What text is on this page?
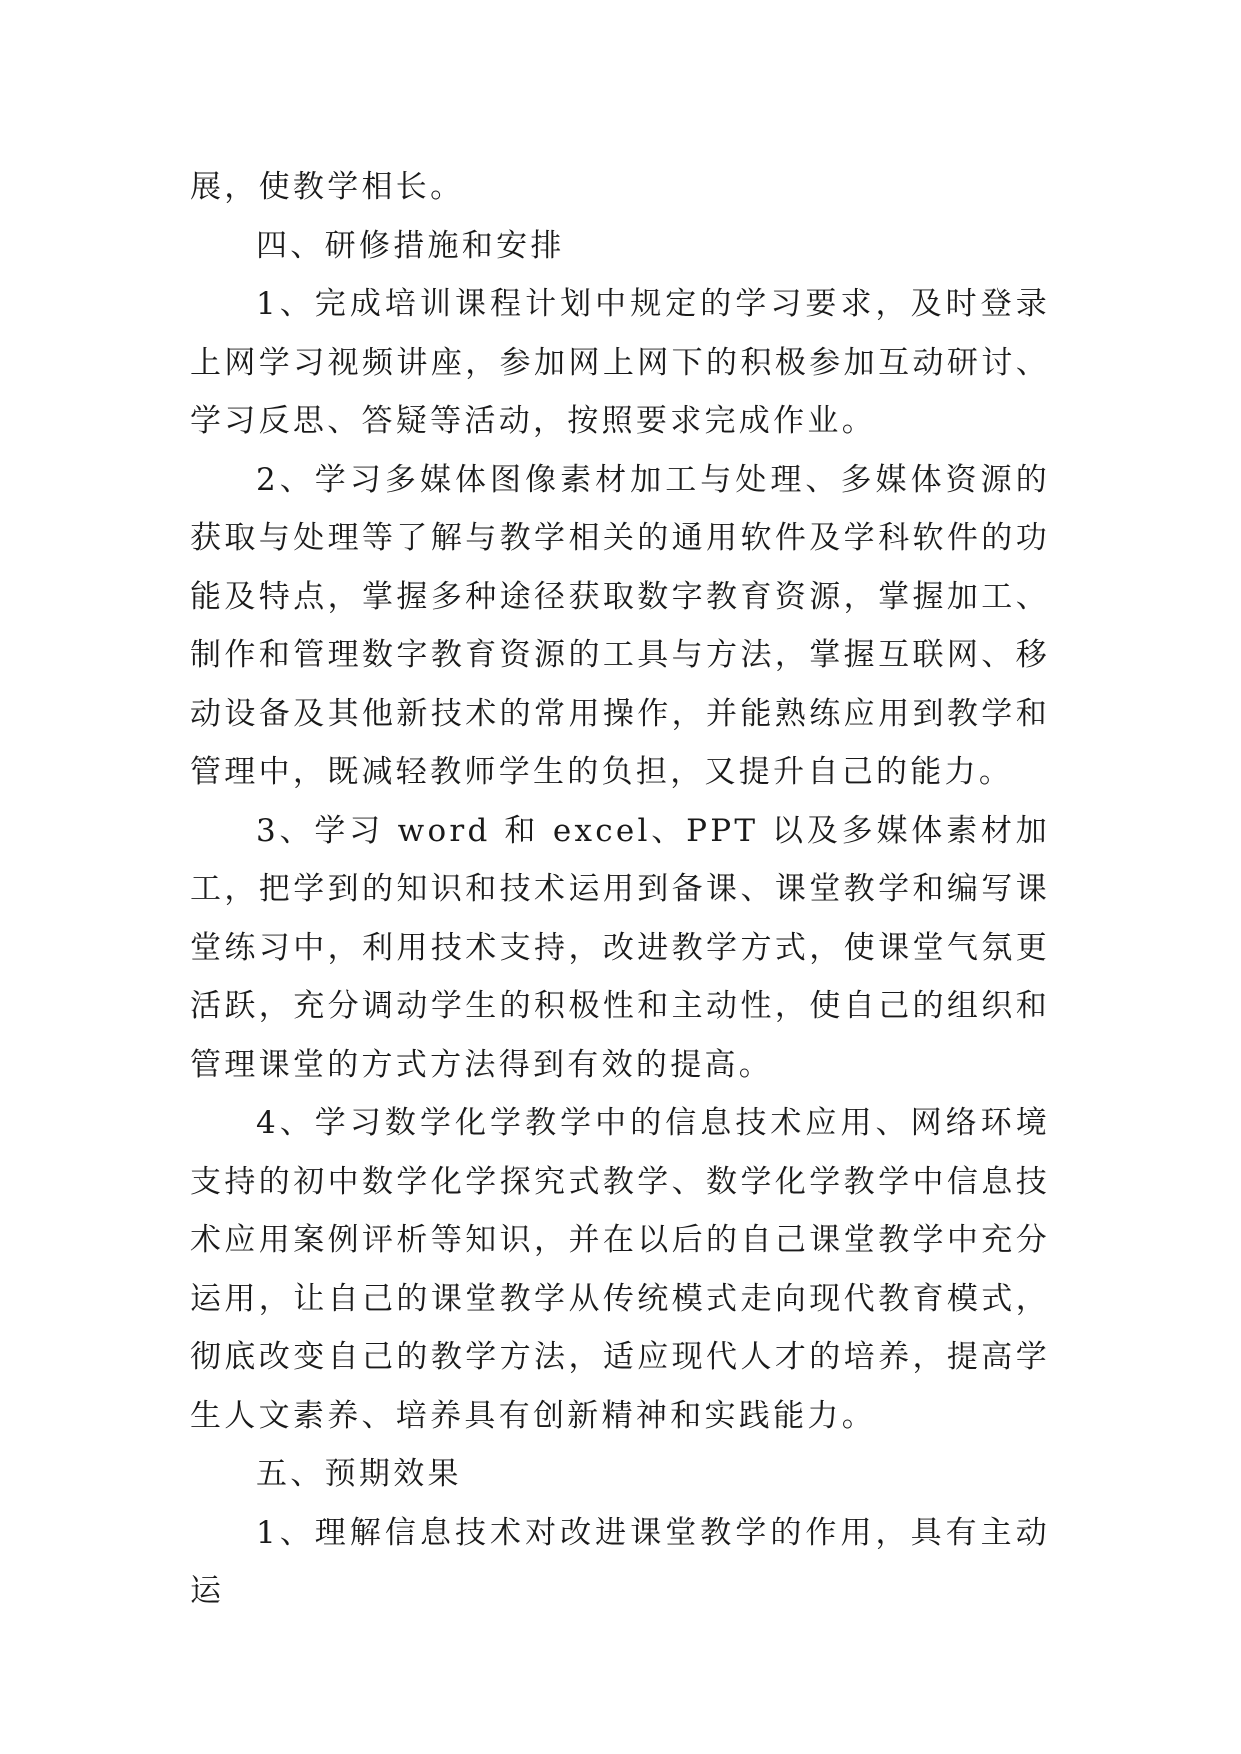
展，使教学相长。

四、研修措施和安排

1、完成培训课程计划中规定的学习要求，及时登录上网学习视频讲座，参加网上网下的积极参加互动研讨、学习反思、答疑等活动，按照要求完成作业。

2、学习多媒体图像素材加工与处理、多媒体资源的获取与处理等了解与教学相关的通用软件及学科软件的功能及特点，掌握多种途径获取数字教育资源，掌握加工、制作和管理数字教育资源的工具与方法，掌握互联网、移动设备及其他新技术的常用操作，并能熟练应用到教学和管理中，既减轻教师学生的负担，又提升自己的能力。

3、学习 word 和 excel、PPT 以及多媒体素材加工，把学到的知识和技术运用到备课、课堂教学和编写课堂练习中，利用技术支持，改进教学方式，使课堂气氛更活跃，充分调动学生的积极性和主动性，使自己的组织和管理课堂的方式方法得到有效的提高。

4、学习数学化学教学中的信息技术应用、网络环境支持的初中数学化学探究式教学、数学化学教学中信息技术应用案例评析等知识，并在以后的自己课堂教学中充分运用，让自己的课堂教学从传统模式走向现代教育模式，彻底改变自己的教学方法，适应现代人才的培养，提高学生人文素养、培养具有创新精神和实践能力。

五、预期效果

1、理解信息技术对改进课堂教学的作用，具有主动运
